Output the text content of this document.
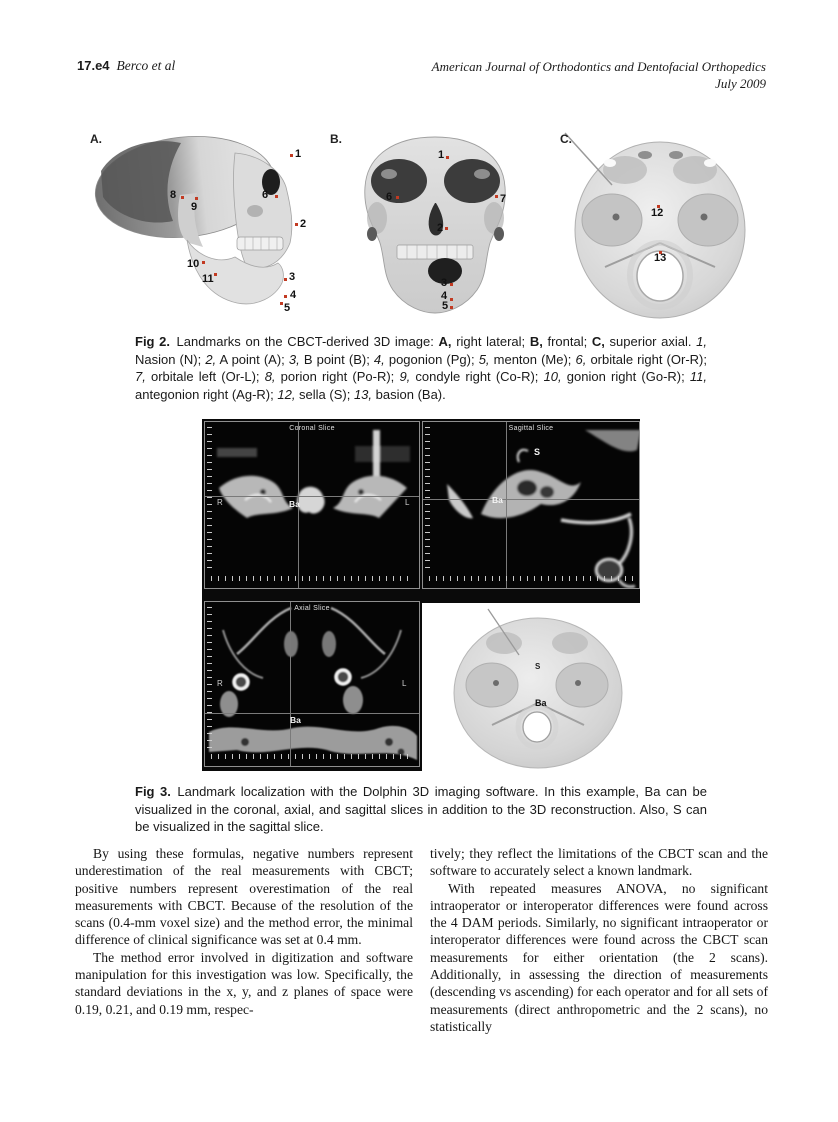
17.e4 Berco et al	American Journal of Orthodontics and Dentofacial Orthopedics
July 2009
A.
1
2
3
4
5
6
8
9
10
11
B.
1
6	7
2
3
4
5
C.
12
13
Fig 2. Landmarks on the CBCT-derived 3D image: A, right lateral; B, frontal; C, superior axial. 1, Nasion (N); 2, A point (A); 3, B point (B); 4, pogonion (Pg); 5, menton (Me); 6, orbitale right (Or-R); 7, orbitale left (Or-L); 8, porion right (Po-R); 9, condyle right (Co-R); 10, gonion right (Go-R); 11, antegonion right (Ag-R); 12, sella (S); 13, basion (Ba).
Coronal Slice
R	L
Ba
Sagittal Slice
S
Ba
Axial Slice
R	L
Ba
S
Ba
Fig 3. Landmark localization with the Dolphin 3D imaging software. In this example, Ba can be visualized in the coronal, axial, and sagittal slices in addition to the 3D reconstruction. Also, S can be visualized in the sagittal slice.

By using these formulas, negative numbers represent underestimation of the real measurements with CBCT; positive numbers represent overestimation of the real measurements with CBCT. Because of the resolution of the scans (0.4-mm voxel size) and the method error, the minimal difference of clinical significance was set at 0.4 mm.

The method error involved in digitization and software manipulation for this investigation was low. Specifically, the standard deviations in the x, y, and z planes of space were 0.19, 0.21, and 0.19 mm, respec-

tively; they reflect the limitations of the CBCT scan and the software to accurately select a known landmark.

With repeated measures ANOVA, no significant intraoperator or interoperator differences were found across the 4 DAM periods. Similarly, no significant intraoperator or interoperator differences were found across the CBCT scan measurements for either orientation (the 2 scans). Additionally, in assessing the direction of measurements (descending vs ascending) for each operator and for all sets of measurements (direct anthropometric and the 2 scans), no statistically
